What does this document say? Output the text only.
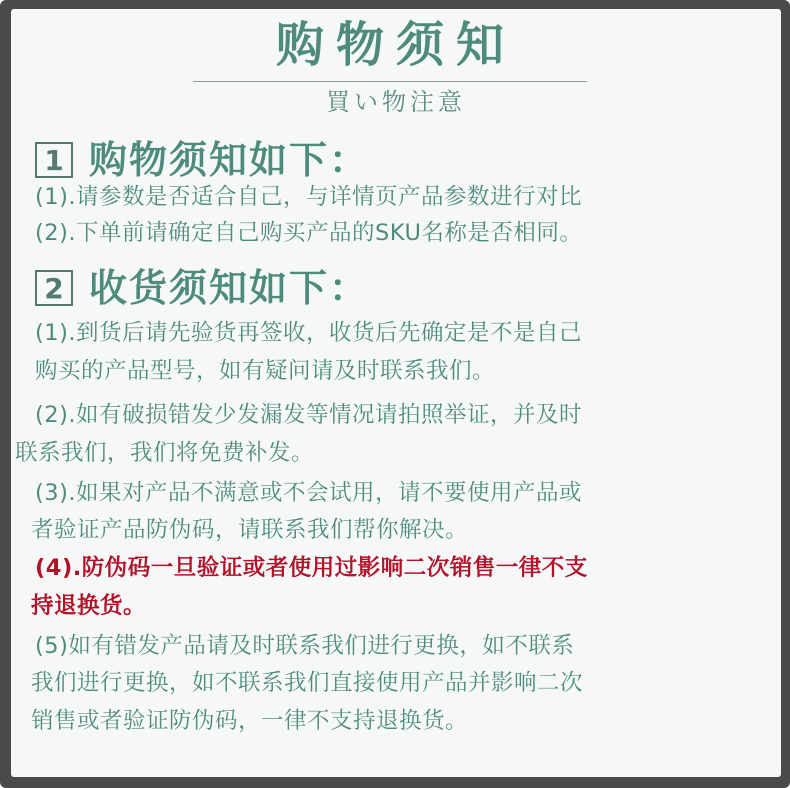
购物须知
買い物注意
1 购物须知如下：
(1).请参数是否适合自己，与详情页产品参数进行对比
(2).下单前请确定自己购买产品的SKU名称是否相同。
2 收货须知如下：
(1).到货后请先验货再签收，收货后先确定是不是自己
购买的产品型号，如有疑问请及时联系我们。
(2).如有破损错发少发漏发等情况请拍照举证，并及时
联系我们，我们将免费补发。
(3).如果对产品不满意或不会试用，请不要使用产品或
者验证产品防伪码，请联系我们帮你解决。
(4).防伪码一旦验证或者使用过影响二次销售一律不支
持退换货。
(5)如有错发产品请及时联系我们进行更换，如不联系
我们进行更换，如不联系我们直接使用产品并影响二次
销售或者验证防伪码，一律不支持退换货。
